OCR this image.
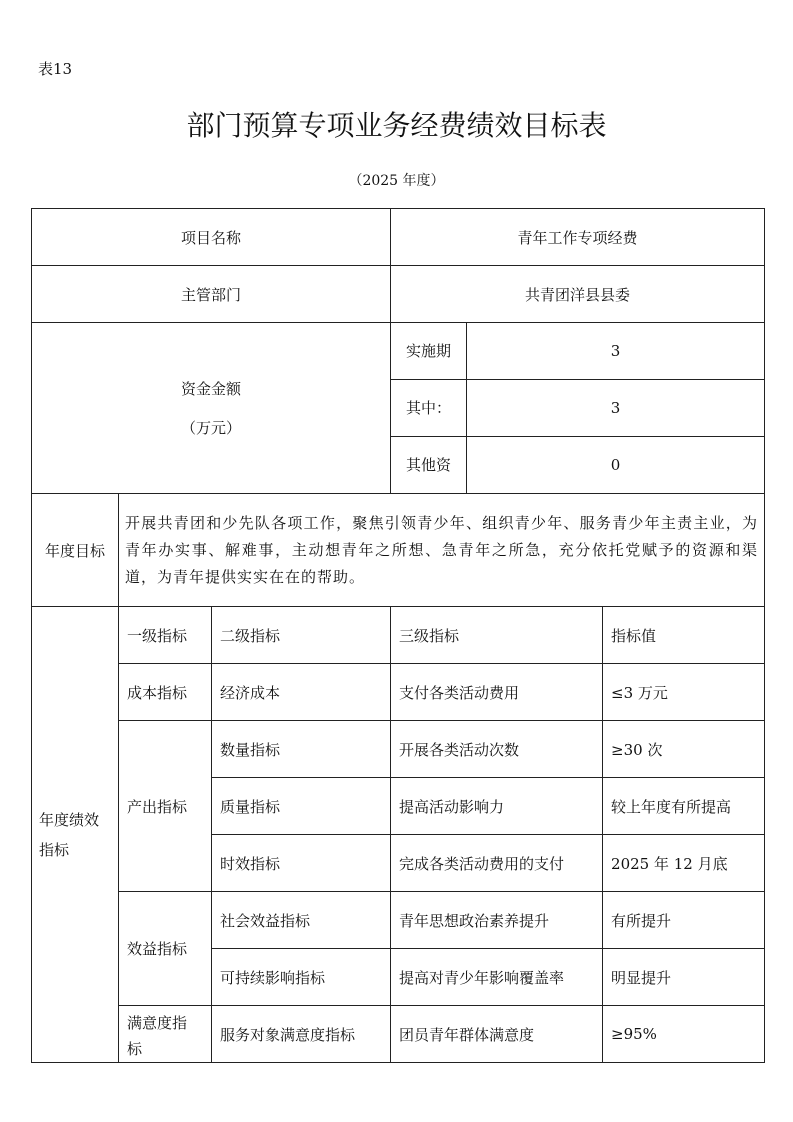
表13
部门预算专项业务经费绩效目标表
（2025 年度）
项目名称			青年工作专项经费		
主管部门			共青团洋县县委		

资金金额
（万元）			实施期	3	

			其中：	3	

			其他资	0	
年度目标	开展共青团和少先队各项工作，聚焦引领青少年、组织青少年、服务青少年主责主业，为青年办实事、解难事，主动想青年之所想、急青年之所急，充分依托党赋予的资源和渠道，为青年提供实实在在的帮助。				

年度绩效指标	一级指标	二级指标	三级指标		指标值
	成本指标	经济成本	支付各类活动费用		≤3 万元
	产出指标	数量指标	开展各类活动次数		≥30 次
		质量指标	提高活动影响力		较上年度有所提高
		时效指标	完成各类活动费用的支付		2025 年 12 月底
	效益指标	社会效益指标	青年思想政治素养提升		有所提升
		可持续影响指标	提高对青少年影响覆盖率		明显提升

	满意度指标	服务对象满意度指标	团员青年群体满意度		≥95%
